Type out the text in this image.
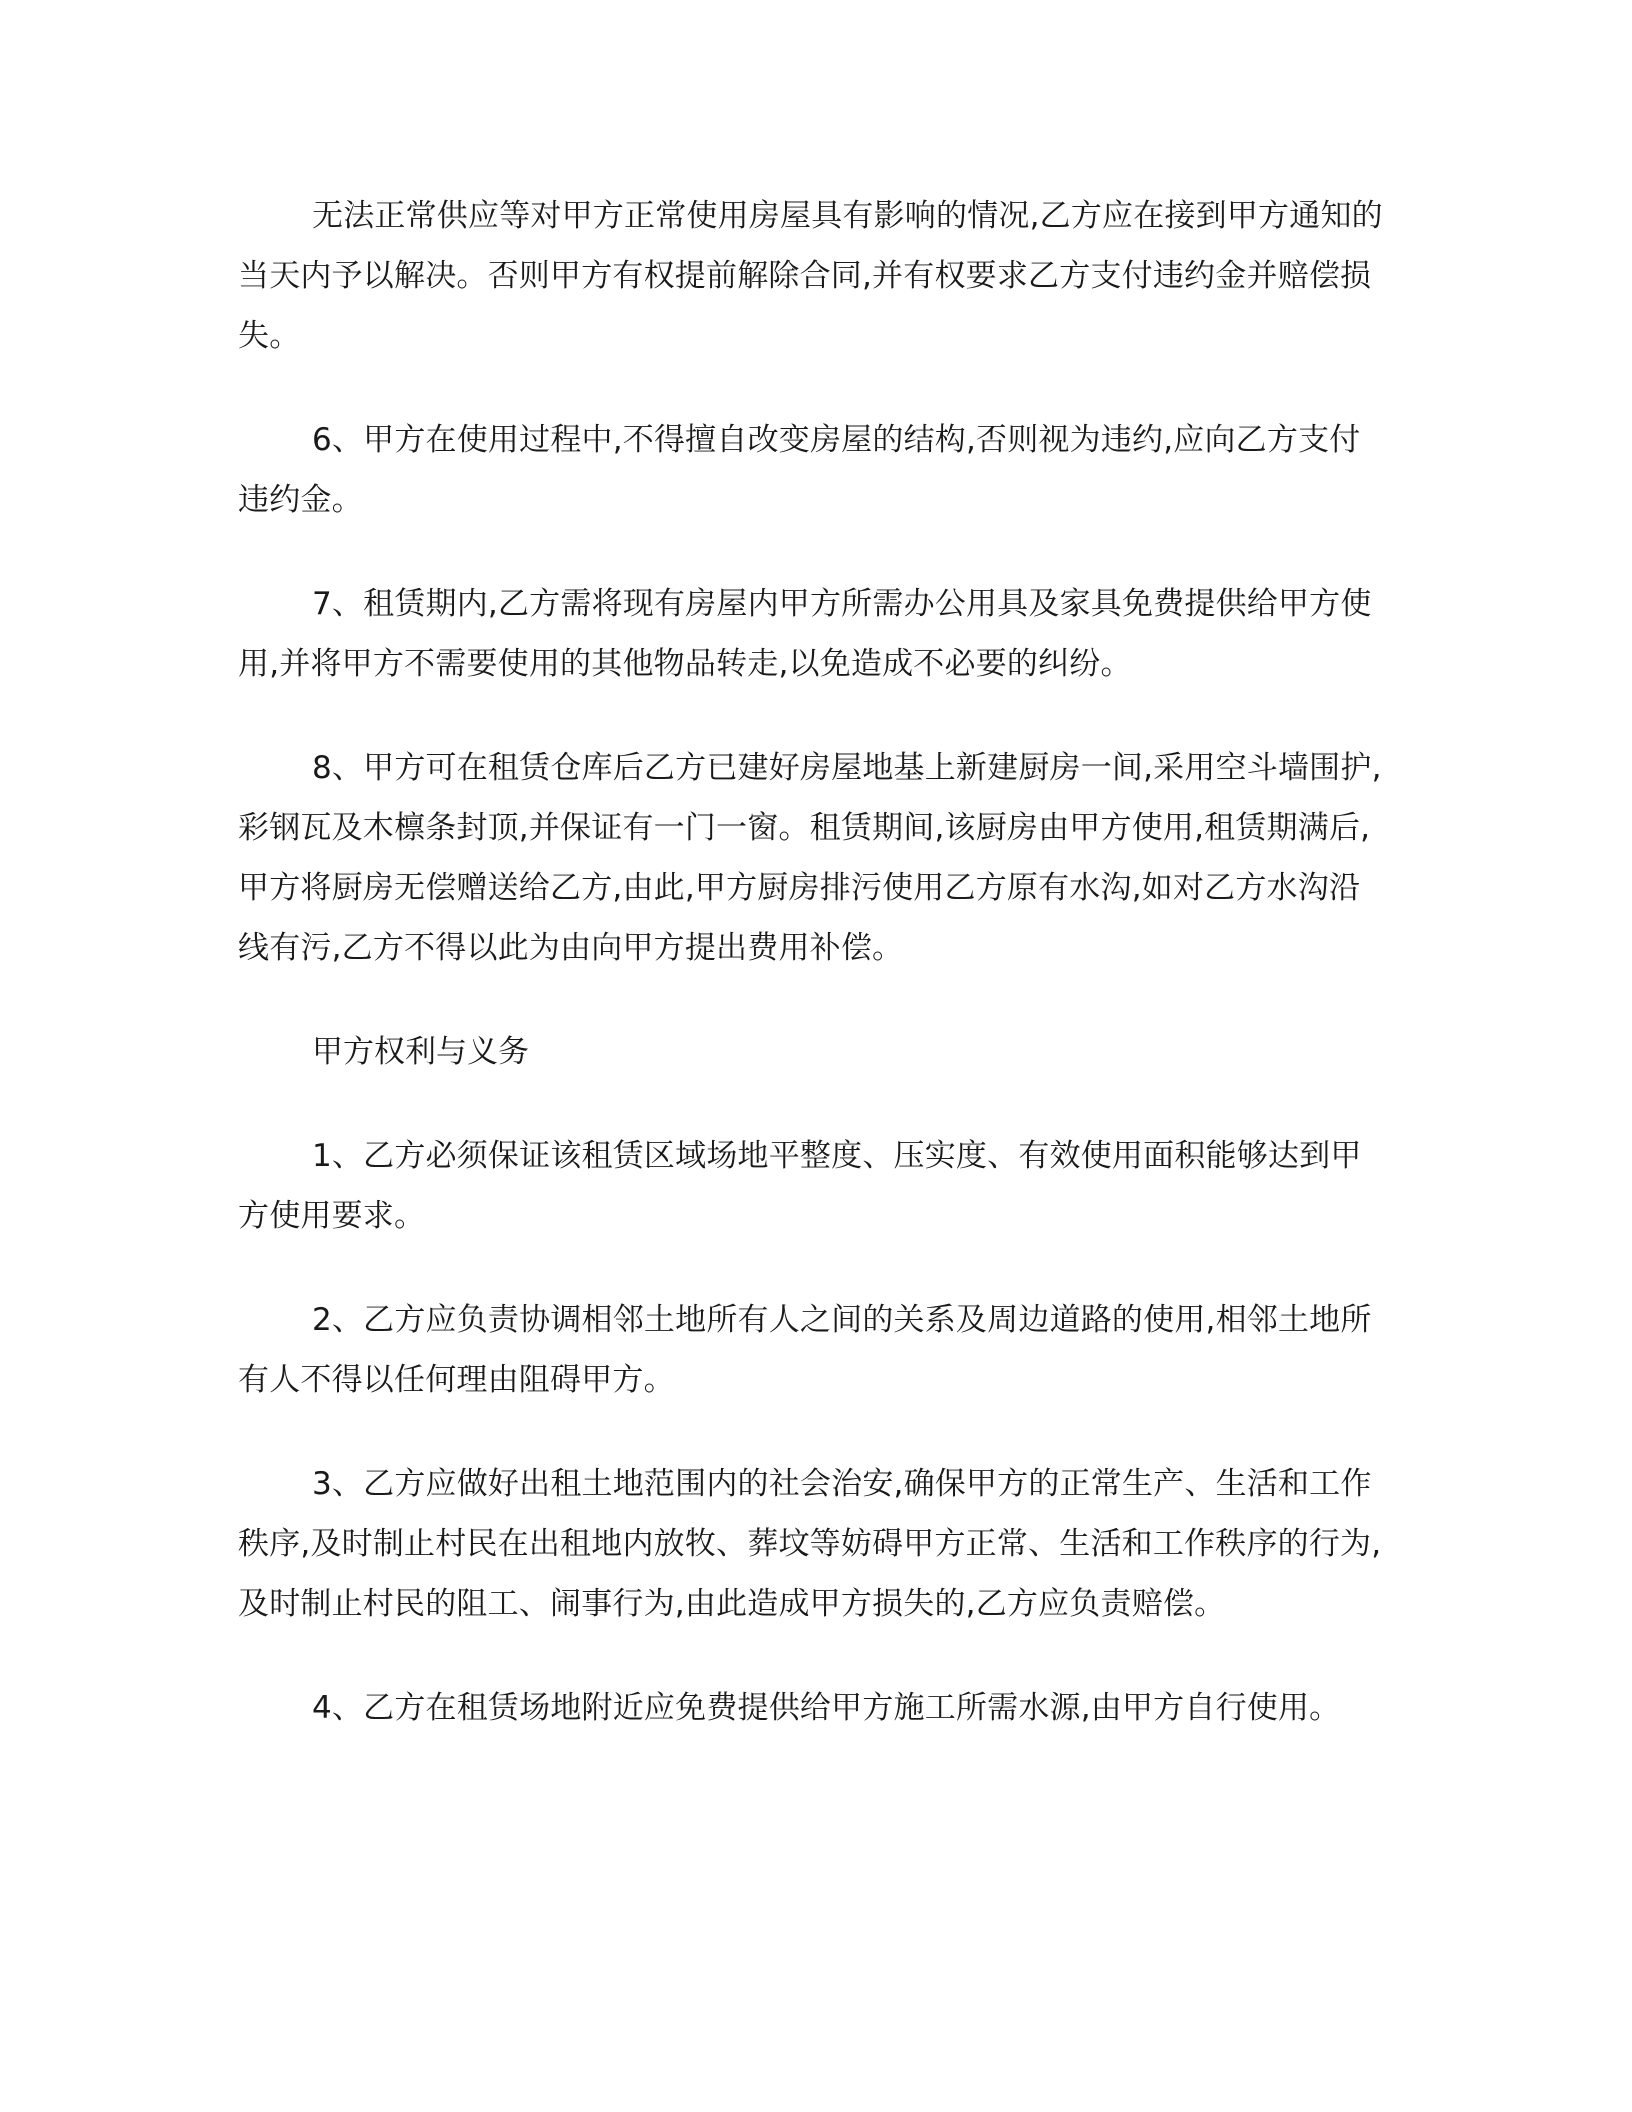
无法正常供应等对甲方正常使用房屋具有影响的情况,乙方应在接到甲方通知的当天内予以解决。否则甲方有权提前解除合同,并有权要求乙方支付违约金并赔偿损失。

6、甲方在使用过程中,不得擅自改变房屋的结构,否则视为违约,应向乙方支付违约金。

7、租赁期内,乙方需将现有房屋内甲方所需办公用具及家具免费提供给甲方使用,并将甲方不需要使用的其他物品转走,以免造成不必要的纠纷。

8、甲方可在租赁仓库后乙方已建好房屋地基上新建厨房一间,采用空斗墙围护,彩钢瓦及木檩条封顶,并保证有一门一窗。租赁期间,该厨房由甲方使用,租赁期满后,甲方将厨房无偿赠送给乙方,由此,甲方厨房排污使用乙方原有水沟,如对乙方水沟沿线有污,乙方不得以此为由向甲方提出费用补偿。

甲方权利与义务

1、乙方必须保证该租赁区域场地平整度、压实度、有效使用面积能够达到甲方使用要求。

2、乙方应负责协调相邻土地所有人之间的关系及周边道路的使用,相邻土地所有人不得以任何理由阻碍甲方。

3、乙方应做好出租土地范围内的社会治安,确保甲方的正常生产、生活和工作秩序,及时制止村民在出租地内放牧、葬坟等妨碍甲方正常、生活和工作秩序的行为,及时制止村民的阻工、闹事行为,由此造成甲方损失的,乙方应负责赔偿。

4、乙方在租赁场地附近应免费提供给甲方施工所需水源,由甲方自行使用。
